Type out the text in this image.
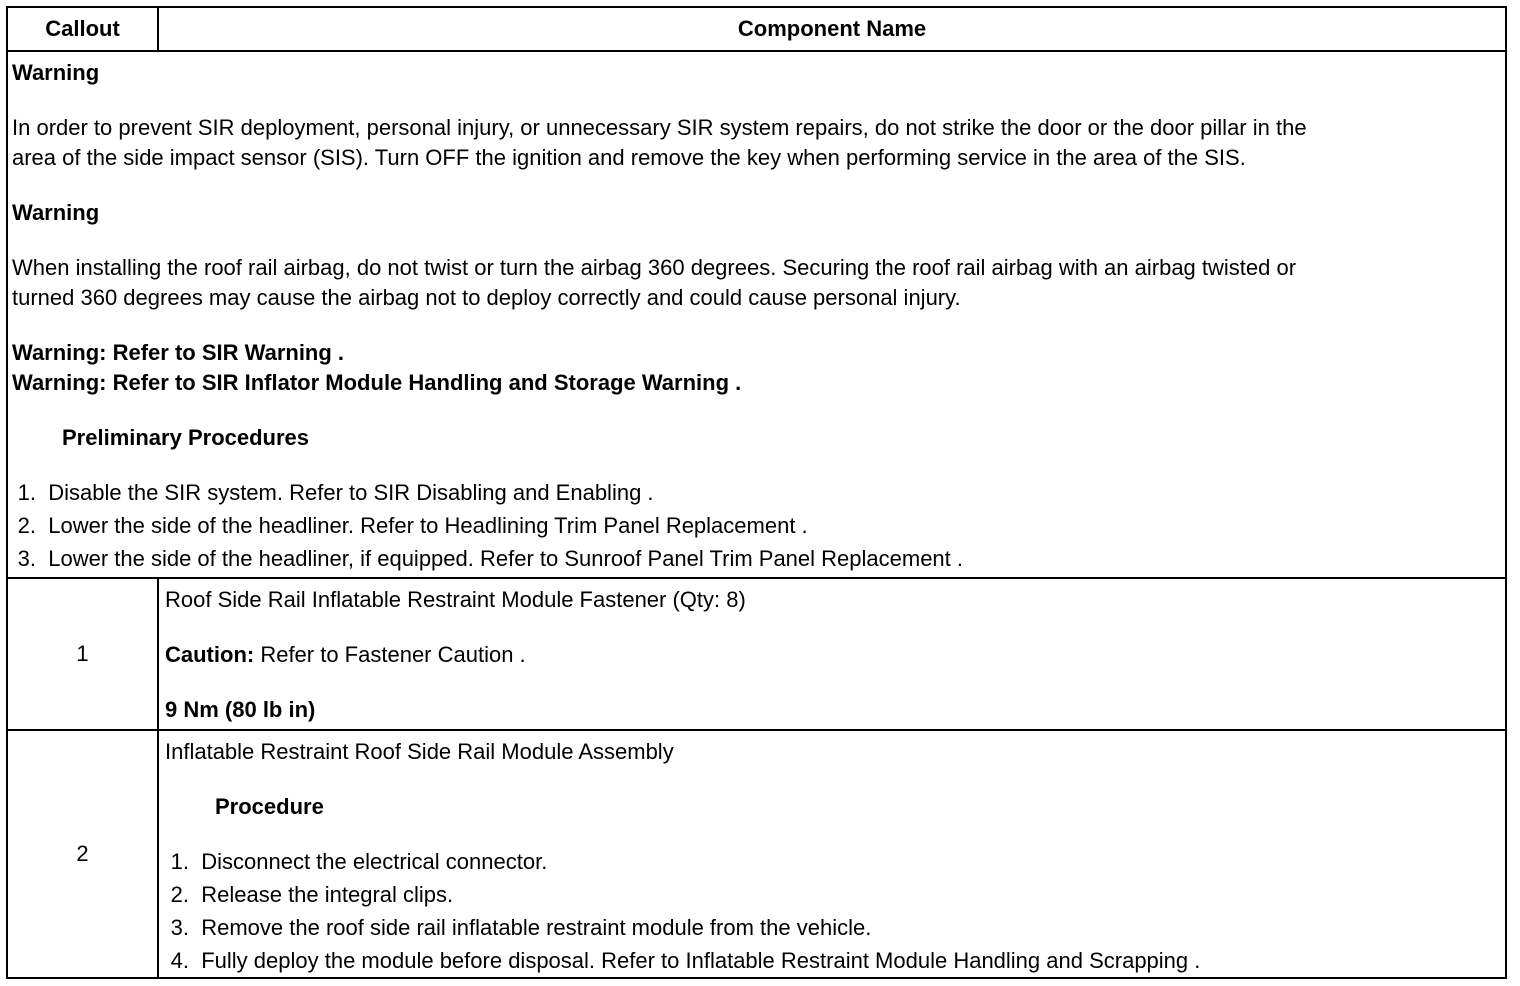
Callout	Component Name
Warning
In order to prevent SIR deployment, personal injury, or unnecessary SIR system repairs, do not strike the door or the door pillar in the
area of the side impact sensor (SIS). Turn OFF the ignition and remove the key when performing service in the area of the SIS.
Warning
When installing the roof rail airbag, do not twist or turn the airbag 360 degrees. Securing the roof rail airbag with an airbag twisted or
turned 360 degrees may cause the airbag not to deploy correctly and could cause personal injury.
Warning: Refer to SIR Warning .
Warning: Refer to SIR Inflator Module Handling and Storage Warning .
Preliminary Procedures
1. Disable the SIR system. Refer to SIR Disabling and Enabling .
2. Lower the side of the headliner. Refer to Headlining Trim Panel Replacement .
3. Lower the side of the headliner, if equipped. Refer to Sunroof Panel Trim Panel Replacement .
1
Roof Side Rail Inflatable Restraint Module Fastener (Qty: 8)
Caution: Refer to Fastener Caution .
9 Nm (80 lb in)
2
Inflatable Restraint Roof Side Rail Module Assembly
Procedure
1. Disconnect the electrical connector.
2. Release the integral clips.
3. Remove the roof side rail inflatable restraint module from the vehicle.
4. Fully deploy the module before disposal. Refer to Inflatable Restraint Module Handling and Scrapping .
